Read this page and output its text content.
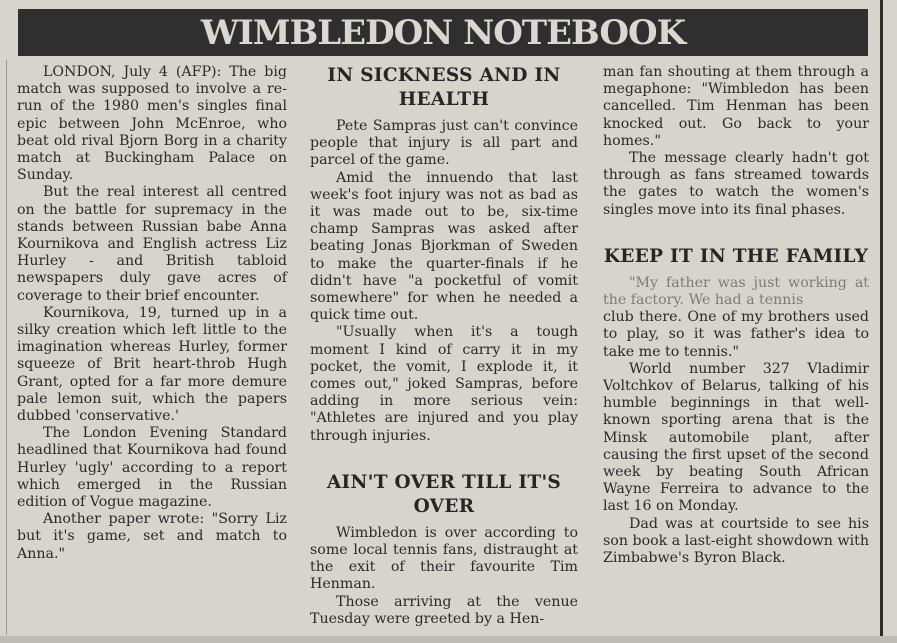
WIMBLEDON NOTEBOOK

LONDON, July 4 (AFP): The big match was supposed to involve a re-run of the 1980 men's singles final epic between John McEnroe, who beat old rival Bjorn Borg in a charity match at Buckingham Palace on Sunday.

But the real interest all centred on the battle for supremacy in the stands between Russian babe Anna Kournikova and English actress Liz Hurley - and British tabloid newspapers duly gave acres of coverage to their brief encounter.

Kournikova, 19, turned up in a silky creation which left little to the imagination whereas Hurley, former squeeze of Brit heart-throb Hugh Grant, opted for a far more demure pale lemon suit, which the papers dubbed 'conservative.'

The London Evening Standard headlined that Kournikova had found Hurley 'ugly' according to a report which emerged in the Russian edition of Vogue magazine.

Another paper wrote: "Sorry Liz but it's game, set and match to Anna."

IN SICKNESS AND IN HEALTH

Pete Sampras just can't convince people that injury is all part and parcel of the game.

Amid the innuendo that last week's foot injury was not as bad as it was made out to be, six-time champ Sampras was asked after beating Jonas Bjorkman of Sweden to make the quarter-finals if he didn't have "a pocketful of vomit somewhere" for when he needed a quick time out.

"Usually when it's a tough moment I kind of carry it in my pocket, the vomit, I explode it, it comes out," joked Sampras, before adding in more serious vein: "Athletes are injured and you play through injuries.

AIN'T OVER TILL IT'S OVER

Wimbledon is over according to some local tennis fans, distraught at the exit of their favourite Tim Henman.

Those arriving at the venue Tuesday were greeted by a Hen-

man fan shouting at them through a megaphone: "Wimbledon has been cancelled. Tim Henman has been knocked out. Go back to your homes."

The message clearly hadn't got through as fans streamed towards the gates to watch the women's singles move into its final phases.

KEEP IT IN THE FAMILY

"My father was just working at the factory. We had a tennis

club there. One of my brothers used to play, so it was father's idea to take me to tennis."

World number 327 Vladimir Voltchkov of Belarus, talking of his humble beginnings in that well-known sporting arena that is the Minsk automobile plant, after causing the first upset of the second week by beating South African Wayne Ferreira to advance to the last 16 on Monday.

Dad was at courtside to see his son book a last-eight showdown with Zimbabwe's Byron Black.
